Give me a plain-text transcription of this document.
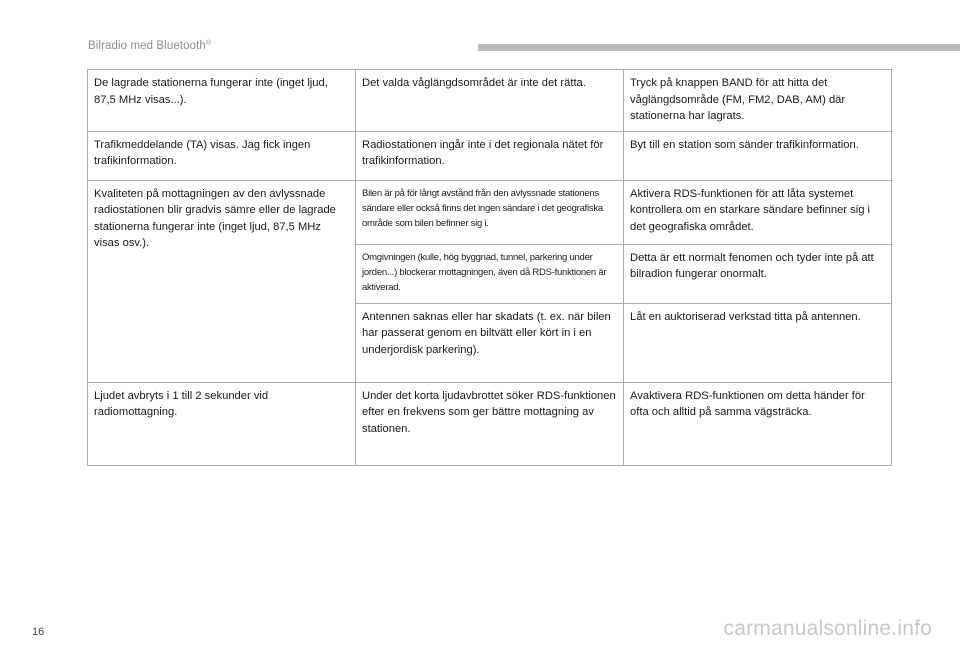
Bilradio med Bluetooth®
De lagrade stationerna fungerar inte (inget ljud, 87,5 MHz visas...).	Det valda våglängdsområdet är inte det rätta.	Tryck på knappen BAND för att hitta det våglängdsområde (FM, FM2, DAB, AM) där stationerna har lagrats.
Trafikmeddelande (TA) visas. Jag fick ingen trafikinformation.	Radiostationen ingår inte i det regionala nätet för trafikinformation.	Byt till en station som sänder trafikinformation.
Kvaliteten på mottagningen av den avlyssnade radiostationen blir gradvis sämre eller de lagrade stationerna fungerar inte (inget ljud, 87,5 MHz visas osv.).	Bilen är på för långt avstånd från den avlyssnade stationens sändare eller också finns det ingen sändare i det geografiska område som bilen befinner sig i.	Aktivera RDS-funktionen för att låta systemet kontrollera om en starkare sändare befinner sig i det geografiska området.
	Omgivningen (kulle, hög byggnad, tunnel, parkering under jorden...) blockerar mottagningen, även då RDS-funktionen är aktiverad.	Detta är ett normalt fenomen och tyder inte på att bilradion fungerar onormalt.
	Antennen saknas eller har skadats (t. ex. när bilen har passerat genom en biltvätt eller kört in i en underjordisk parkering).	Låt en auktoriserad verkstad titta på antennen.
Ljudet avbryts i 1 till 2 sekunder vid radiomottagning.	Under det korta ljudavbrottet söker RDS-funktionen efter en frekvens som ger bättre mottagning av stationen.	Avaktivera RDS-funktionen om detta händer för ofta och alltid på samma vägsträcka.
16	carmanualsonline.info
